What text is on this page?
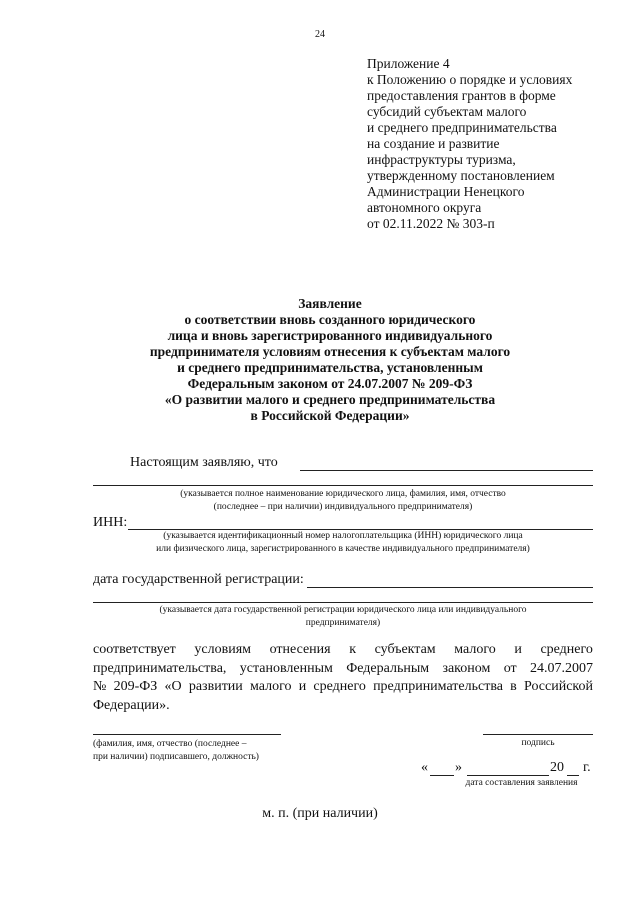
24
Приложение 4
к Положению о порядке и условиях
предоставления грантов в форме
субсидий субъектам малого
и среднего предпринимательства
на создание и развитие
инфраструктуры туризма,
утвержденному постановлением
Администрации Ненецкого
автономного округа
от 02.11.2022 № 303-п
Заявление
о соответствии вновь созданного юридического
лица и вновь зарегистрированного индивидуального
предпринимателя условиям отнесения к субъектам малого
и среднего предпринимательства, установленным
Федеральным законом от 24.07.2007 № 209-ФЗ
«О развитии малого и среднего предпринимательства
в Российской Федерации»
Настоящим заявляю, что
(указывается полное наименование юридического лица, фамилия, имя, отчество
(последнее – при наличии) индивидуального предпринимателя)
ИНН:
(указывается идентификационный номер налогоплательщика (ИНН) юридического лица
или физического лица, зарегистрированного в качестве индивидуального предпринимателя)
дата государственной регистрации:
(указывается дата государственной регистрации юридического лица или индивидуального
предпринимателя)
соответствует условиям отнесения к субъектам малого и среднего
предпринимательства, установленным Федеральным законом от 24.07.2007
№ 209-ФЗ «О развитии малого и среднего предпринимательства в Российской
Федерации».
(фамилия, имя, отчество (последнее –
при наличии) подписавшего, должность)
подпись
« »	20 г.
дата составления заявления
м. п. (при наличии)
